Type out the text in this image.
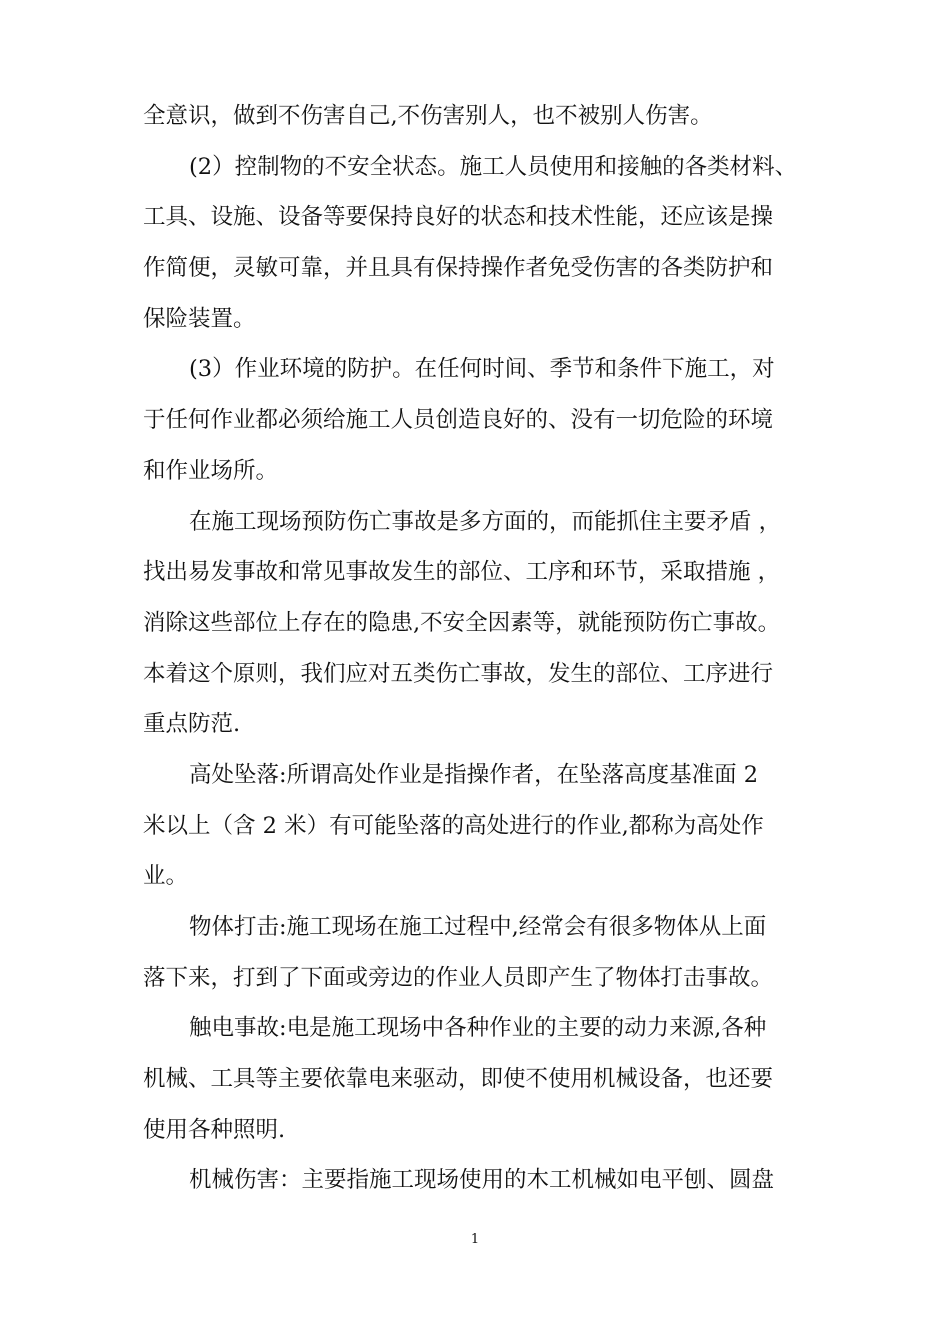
全意识，做到不伤害自己,不伤害别人，也不被别人伤害。
(2）控制物的不安全状态。施工人员使用和接触的各类材料、
工具、设施、设备等要保持良好的状态和技术性能，还应该是操
作简便，灵敏可靠，并且具有保持操作者免受伤害的各类防护和
保险装置。
(3）作业环境的防护。在任何时间、季节和条件下施工，对
于任何作业都必须给施工人员创造良好的、没有一切危险的环境
和作业场所。
在施工现场预防伤亡事故是多方面的，而能抓住主要矛盾 ，
找出易发事故和常见事故发生的部位、工序和环节，采取措施 ，
消除这些部位上存在的隐患,不安全因素等，就能预防伤亡事故。
本着这个原则，我们应对五类伤亡事故，发生的部位、工序进行
重点防范.
高处坠落:所谓高处作业是指操作者，在坠落高度基准面 2
米以上（含 2 米）有可能坠落的高处进行的作业,都称为高处作
业。
物体打击:施工现场在施工过程中,经常会有很多物体从上面
落下来，打到了下面或旁边的作业人员即产生了物体打击事故。
触电事故:电是施工现场中各种作业的主要的动力来源,各种
机械、工具等主要依靠电来驱动，即使不使用机械设备，也还要
使用各种照明.
机械伤害：主要指施工现场使用的木工机械如电平刨、圆盘
1
